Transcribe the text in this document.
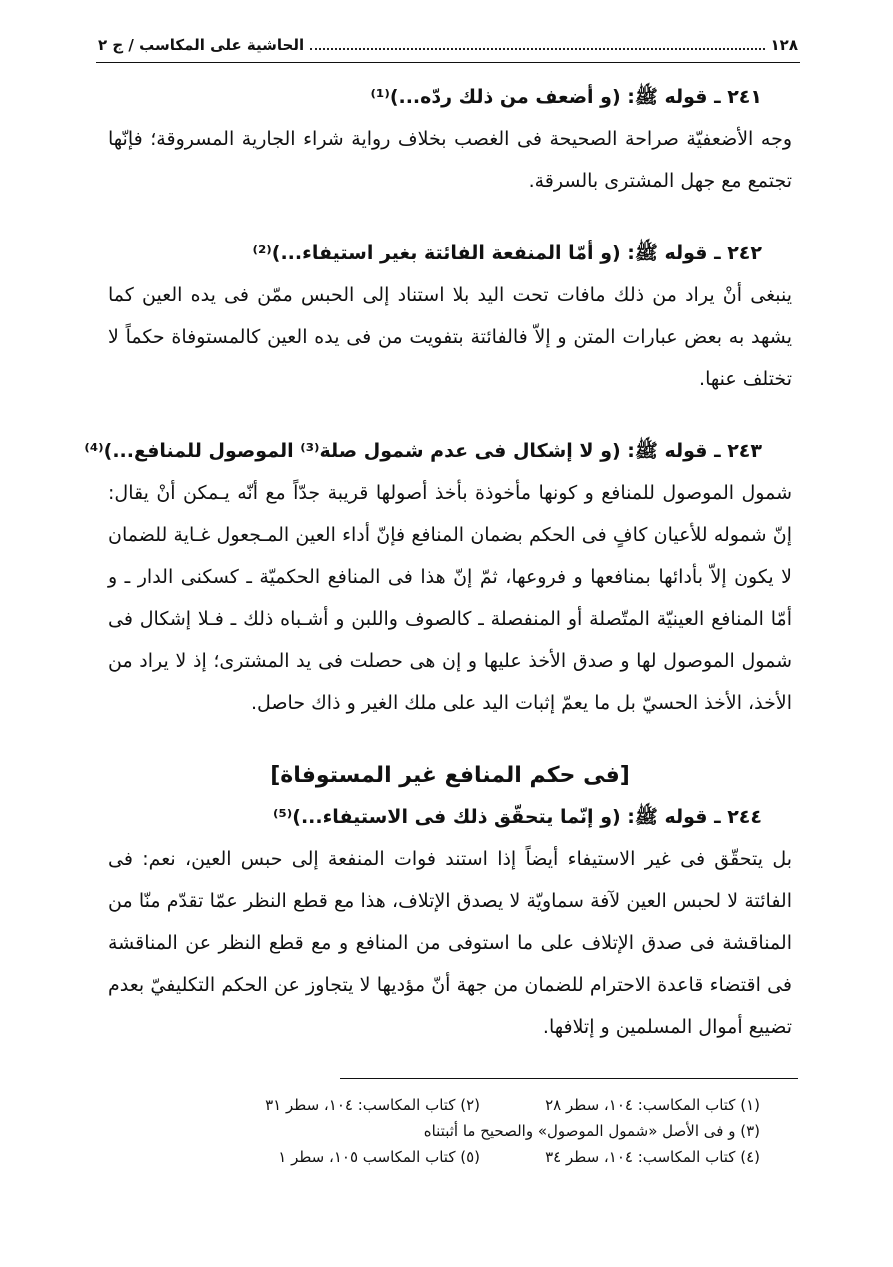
١٢٨
الحاشية على المكاسب / ج ٢
٢٤١ ـ قوله ﷺ: (و أضعف من ذلك ردّه...)⁽¹⁾
وجه الأضعفيّة صراحة الصحيحة فى الغصب بخلاف رواية شراء الجارية المسروقة؛ فإنّها تجتمع مع جهل المشترى بالسرقة.
٢٤٢ ـ قوله ﷺ: (و أمّا المنفعة الفائتة بغير استيفاء...)⁽²⁾
ينبغى أنْ يراد من ذلك مافات تحت اليد بلا استناد إلى الحبس ممّن فى يده العين كما يشهد به بعض عبارات المتن و إلاّ فالفائتة بتفويت من فى يده العين كالمستوفاة حكماً لا تختلف عنها.
٢٤٣ ـ قوله ﷺ: (و لا إشكال فى عدم شمول صلة⁽³⁾ الموصول للمنافع...)⁽⁴⁾
شمول الموصول للمنافع و كونها مأخوذة بأخذ أصولها قريبة جدّاً مع أنّه يـمكن أنْ يقال: إنّ شموله للأعيان كافٍ فى الحكم بضمان المنافع فإنّ أداء العين المـجعول غـاية للضمان لا يكون إلاّ بأدائها بمنافعها و فروعها، ثمّ إنّ هذا فى المنافع الحكميّة ـ كسكنى الدار ـ و أمّا المنافع العينيّة المتّصلة أو المنفصلة ـ كالصوف واللبن و أشـباه ذلك ـ فـلا إشكال فى شمول الموصول لها و صدق الأخذ عليها و إن هى حصلت فى يد المشترى؛ إذ لا يراد من الأخذ، الأخذ الحسيّ بل ما يعمّ إثبات اليد على ملك الغير و ذاك حاصل.
[فى حكم المنافع غير المستوفاة]
٢٤٤ ـ قوله ﷺ: (و إنّما يتحقّق ذلك فى الاستيفاء...)⁽⁵⁾
بل يتحقّق فى غير الاستيفاء أيضاً إذا استند فوات المنفعة إلى حبس العين، نعم: فى الفائتة لا لحبس العين لآفة سماويّة لا يصدق الإتلاف، هذا مع قطع النظر عمّا تقدّم منّا من المناقشة فى صدق الإتلاف على ما استوفى من المنافع و مع قطع النظر عن المناقشة فى اقتضاء قاعدة الاحترام للضمان من جهة أنّ مؤديها لا يتجاوز عن الحكم التكليفيّ بعدم تضييع أموال المسلمين و إتلافها.
(١) كتاب المكاسب: ١٠٤، سطر ٢٨
(٢) كتاب المكاسب: ١٠٤، سطر ٣١
(٣) و فى الأصل «شمول الموصول» والصحيح ما أثبتناه
(٤) كتاب المكاسب: ١٠٤، سطر ٣٤
(٥) كتاب المكاسب ١٠٥، سطر ١
